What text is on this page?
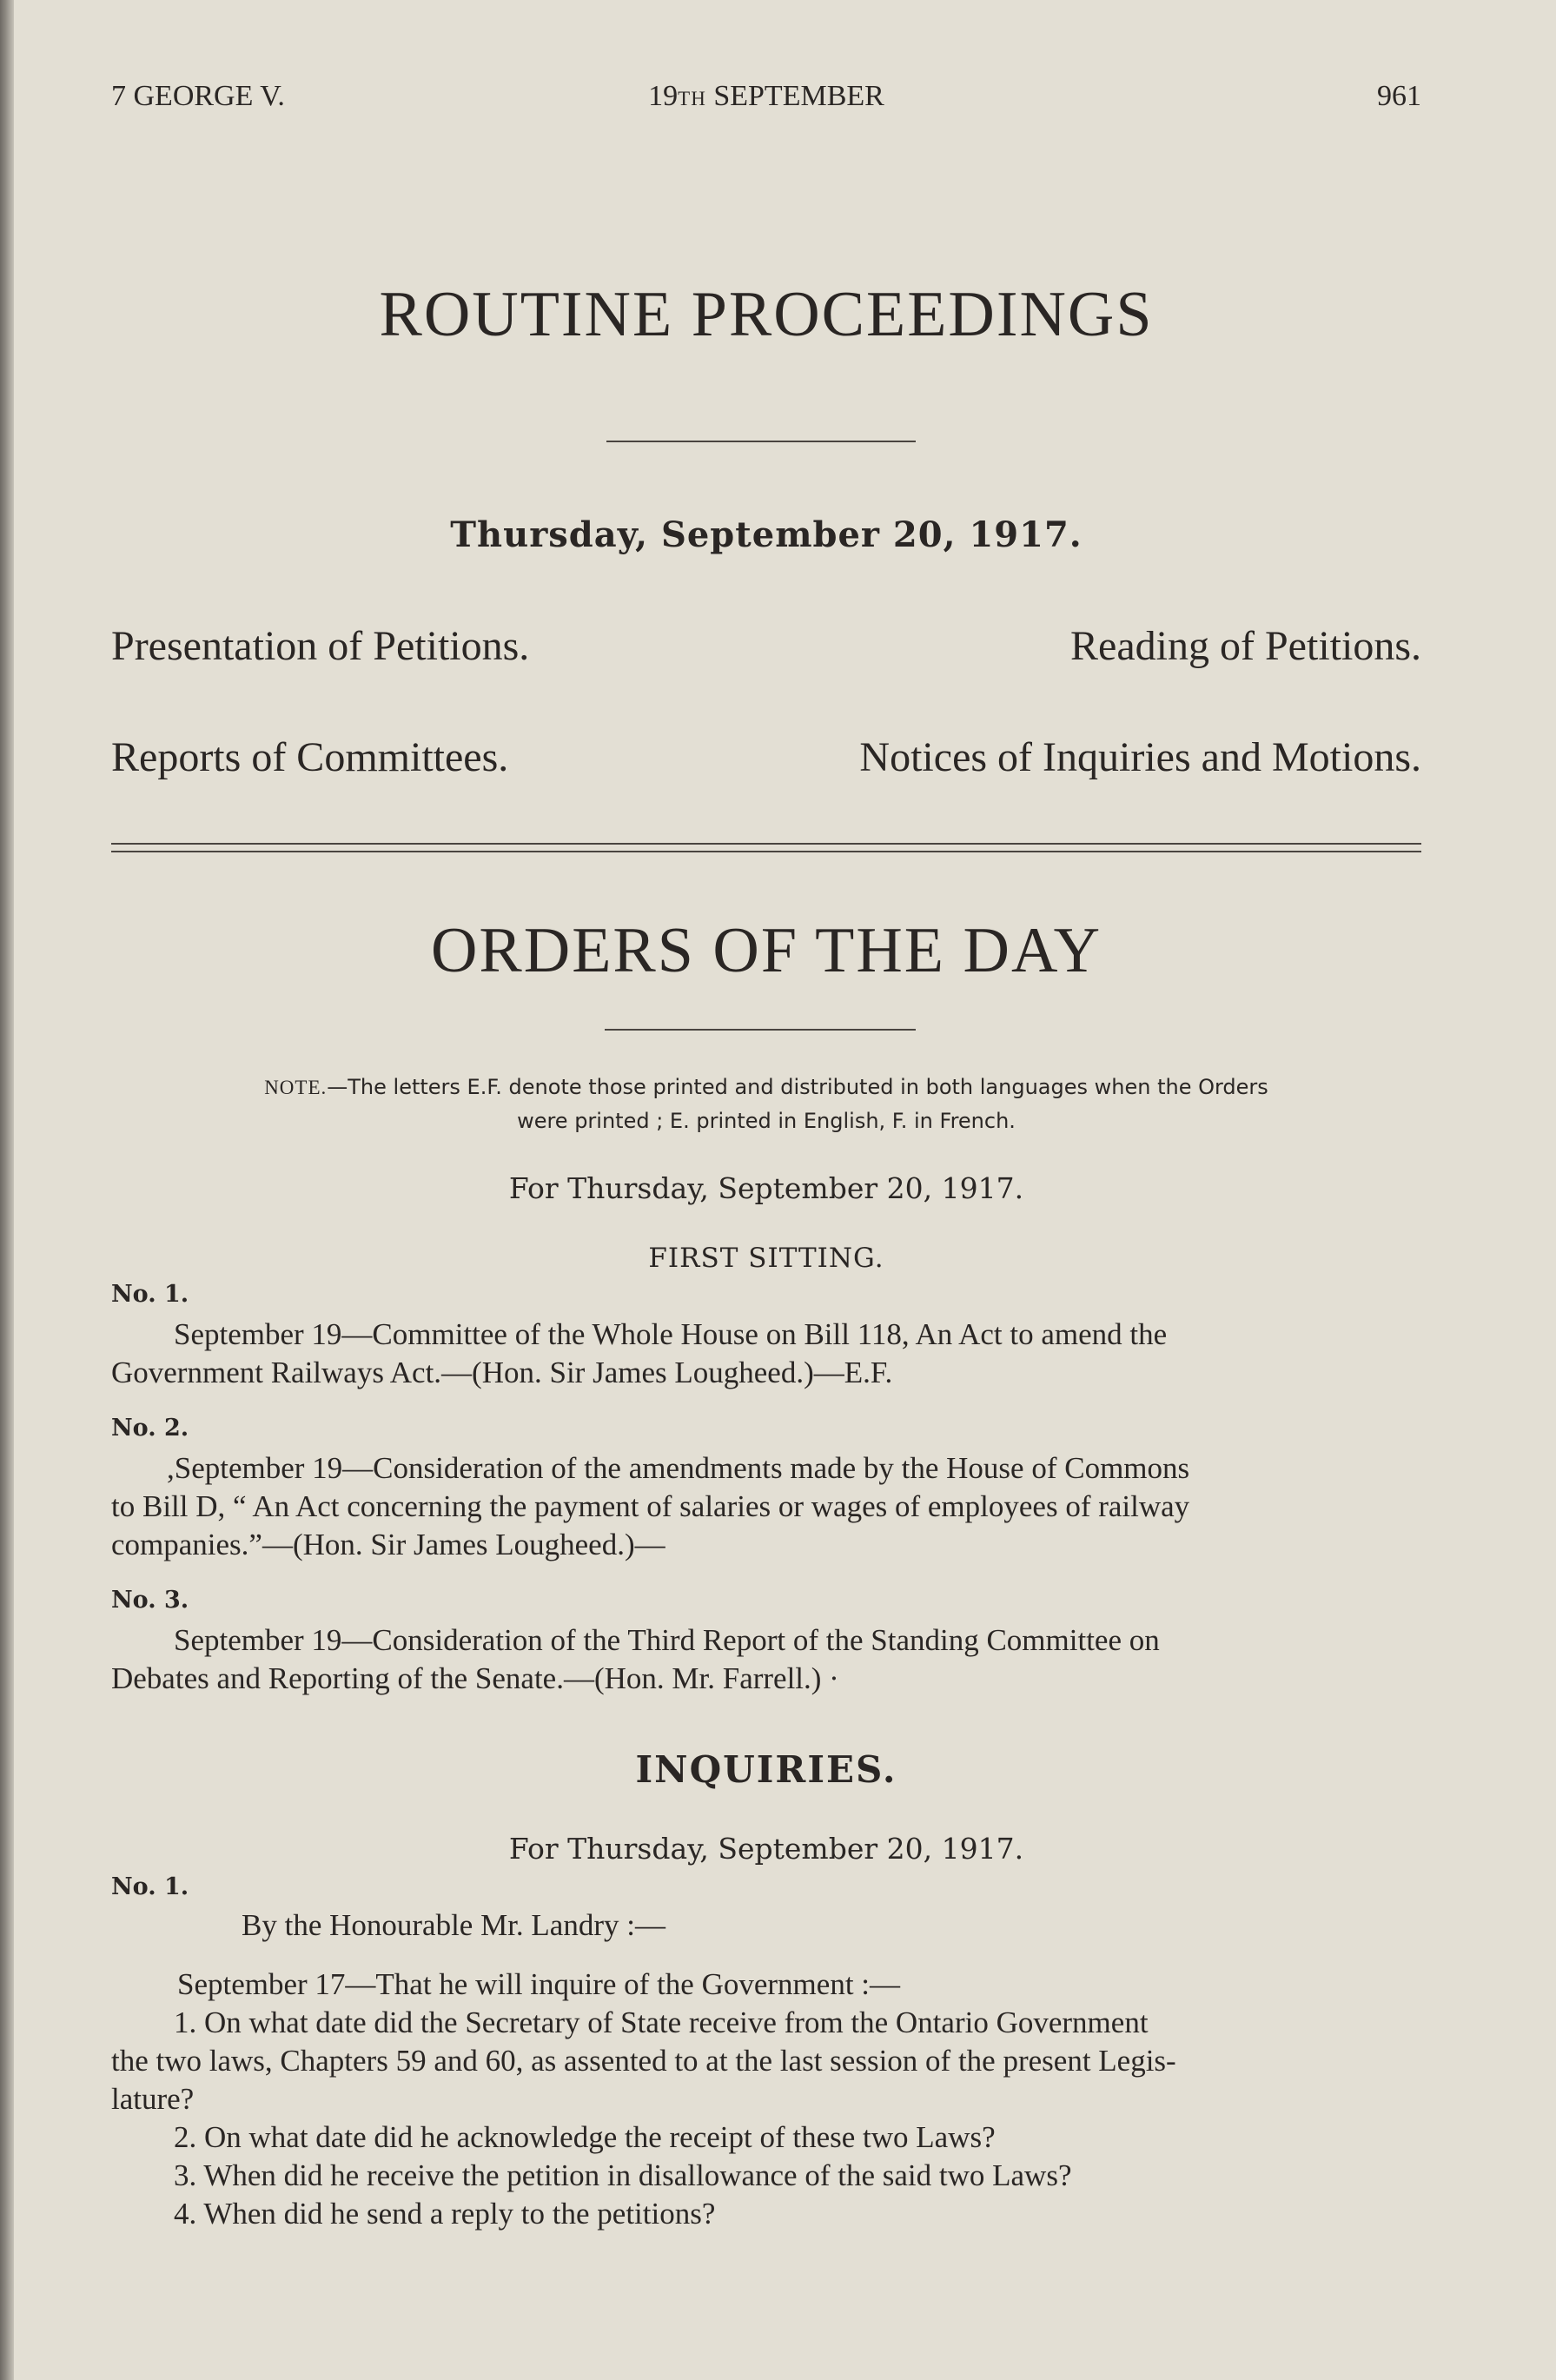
7 GEORGE V.	19TH SEPTEMBER	961
ROUTINE PROCEEDINGS
Thursday, September 20, 1917.
Presentation of Petitions.	Reading of Petitions.
Reports of Committees.	Notices of Inquiries and Motions.
ORDERS OF THE DAY
NOTE.—The letters E.F. denote those printed and distributed in both languages when the Orders
were printed ; E. printed in English, F. in French.
For Thursday, September 20, 1917.
FIRST SITTING.
No. 1.
September 19—Committee of the Whole House on Bill 118, An Act to amend the
Government Railways Act.—(Hon. Sir James Lougheed.)—E.F.
No. 2.
,September 19—Consideration of the amendments made by the House of Commons
to Bill D, “ An Act concerning the payment of salaries or wages of employees of railway
companies.”—(Hon. Sir James Lougheed.)—
No. 3.
September 19—Consideration of the Third Report of the Standing Committee on
Debates and Reporting of the Senate.—(Hon. Mr. Farrell.) ·
INQUIRIES.
For Thursday, September 20, 1917.
No. 1.
By the Honourable Mr. Landry :—
September 17—That he will inquire of the Government :—
1. On what date did the Secretary of State receive from the Ontario Government
the two laws, Chapters 59 and 60, as assented to at the last session of the present Legis-
lature?
2. On what date did he acknowledge the receipt of these two Laws?
3. When did he receive the petition in disallowance of the said two Laws?
4. When did he send a reply to the petitions?
